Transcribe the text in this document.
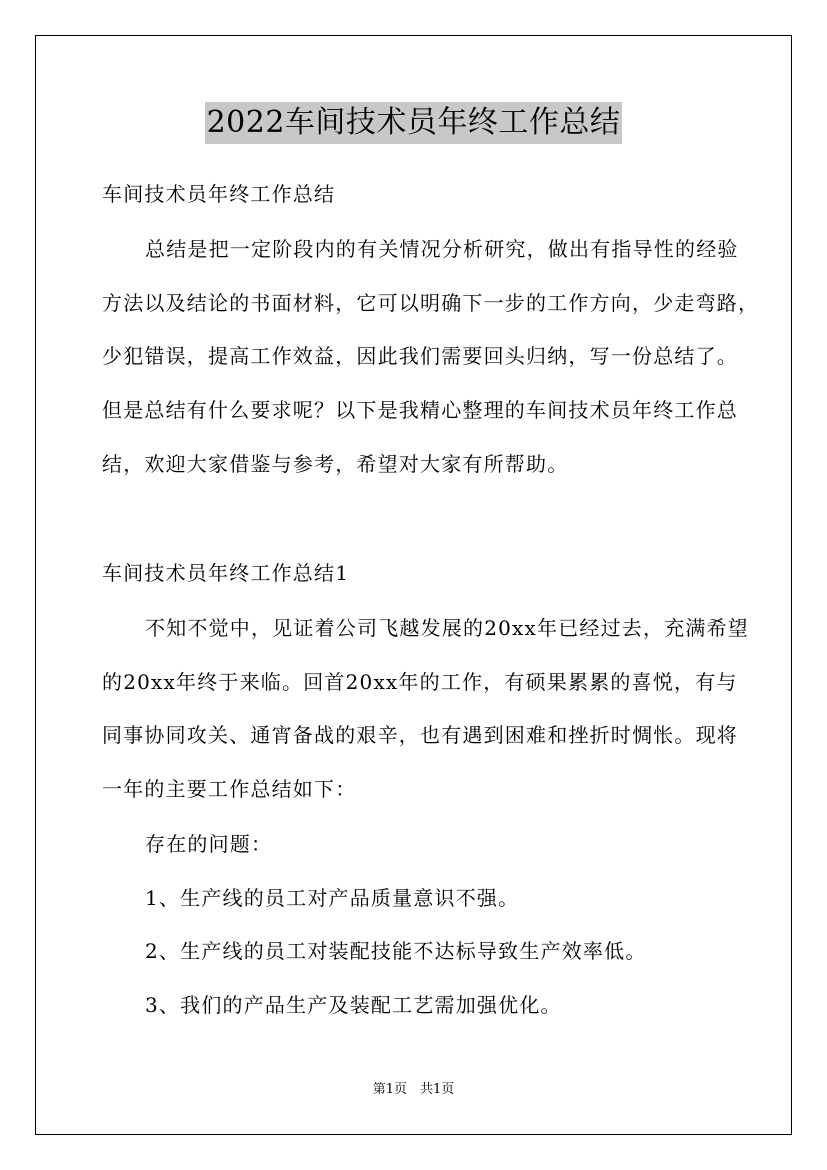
2022车间技术员年终工作总结
车间技术员年终工作总结
总结是把一定阶段内的有关情况分析研究，做出有指导性的经验
方法以及结论的书面材料，它可以明确下一步的工作方向，少走弯路，
少犯错误，提高工作效益，因此我们需要回头归纳，写一份总结了。
但是总结有什么要求呢？以下是我精心整理的车间技术员年终工作总
结，欢迎大家借鉴与参考，希望对大家有所帮助。
车间技术员年终工作总结1
不知不觉中，见证着公司飞越发展的20xx年已经过去，充满希望
的20xx年终于来临。回首20xx年的工作，有硕果累累的喜悦，有与
同事协同攻关、通宵备战的艰辛，也有遇到困难和挫折时惆怅。现将
一年的主要工作总结如下：
存在的问题：
1、生产线的员工对产品质量意识不强。
2、生产线的员工对装配技能不达标导致生产效率低。
3、我们的产品生产及装配工艺需加强优化。
第1页　共1页
